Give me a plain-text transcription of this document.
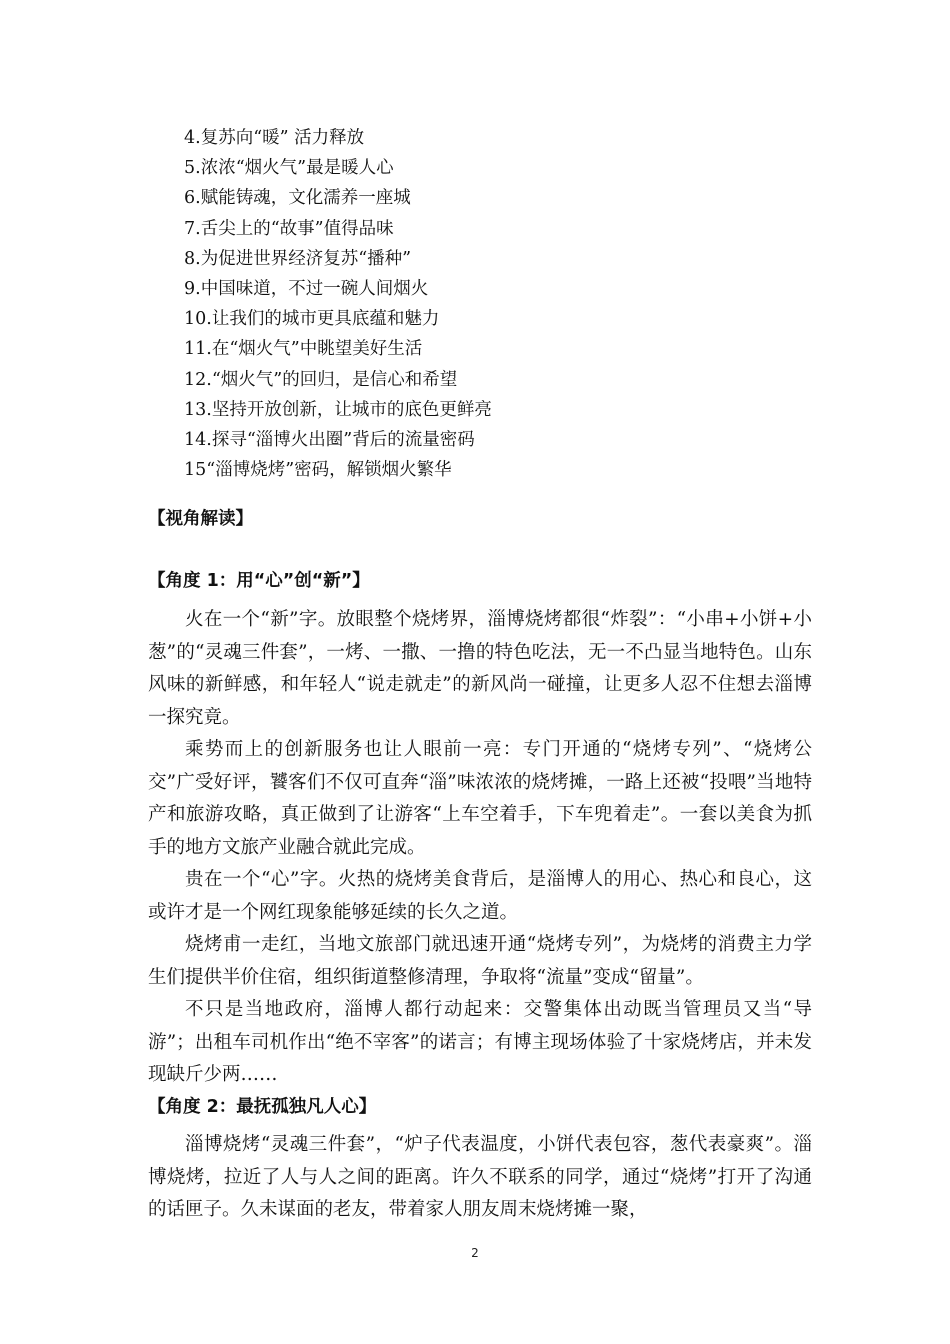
4.复苏向“暖” 活力释放
5.浓浓“烟火气”最是暖人心
6.赋能铸魂，文化濡养一座城
7.舌尖上的“故事”值得品味
8.为促进世界经济复苏“播种”
9.中国味道，不过一碗人间烟火
10.让我们的城市更具底蕴和魅力
11.在“烟火气”中眺望美好生活
12.“烟火气”的回归，是信心和希望
13.坚持开放创新，让城市的底色更鲜亮
14.探寻“淄博火出圈”背后的流量密码
15“淄博烧烤”密码，解锁烟火繁华
【视角解读】
【角度 1：用“心”创“新”】

火在一个“新”字。放眼整个烧烤界，淄博烧烤都很“炸裂”：“小串+小饼+小葱”的“灵魂三件套”，一烤、一撒、一撸的特色吃法，无一不凸显当地特色。山东风味的新鲜感，和年轻人“说走就走”的新风尚一碰撞，让更多人忍不住想去淄博一探究竟。

乘势而上的创新服务也让人眼前一亮：专门开通的“烧烤专列”、“烧烤公交”广受好评，饕客们不仅可直奔“淄”味浓浓的烧烤摊，一路上还被“投喂”当地特产和旅游攻略，真正做到了让游客“上车空着手，下车兜着走”。一套以美食为抓手的地方文旅产业融合就此完成。

贵在一个“心”字。火热的烧烤美食背后，是淄博人的用心、热心和良心，这或许才是一个网红现象能够延续的长久之道。

烧烤甫一走红，当地文旅部门就迅速开通“烧烤专列”，为烧烤的消费主力学生们提供半价住宿，组织街道整修清理，争取将“流量”变成“留量”。

不只是当地政府，淄博人都行动起来：交警集体出动既当管理员又当“导游”；出租车司机作出“绝不宰客”的诺言；有博主现场体验了十家烧烤店，并未发现缺斤少两……

【角度 2：最抚孤独凡人心】

淄博烧烤“灵魂三件套”，“炉子代表温度，小饼代表包容，葱代表豪爽”。淄博烧烤，拉近了人与人之间的距离。许久不联系的同学，通过“烧烤”打开了沟通的话匣子。久未谋面的老友，带着家人朋友周末烧烤摊一聚，

2
